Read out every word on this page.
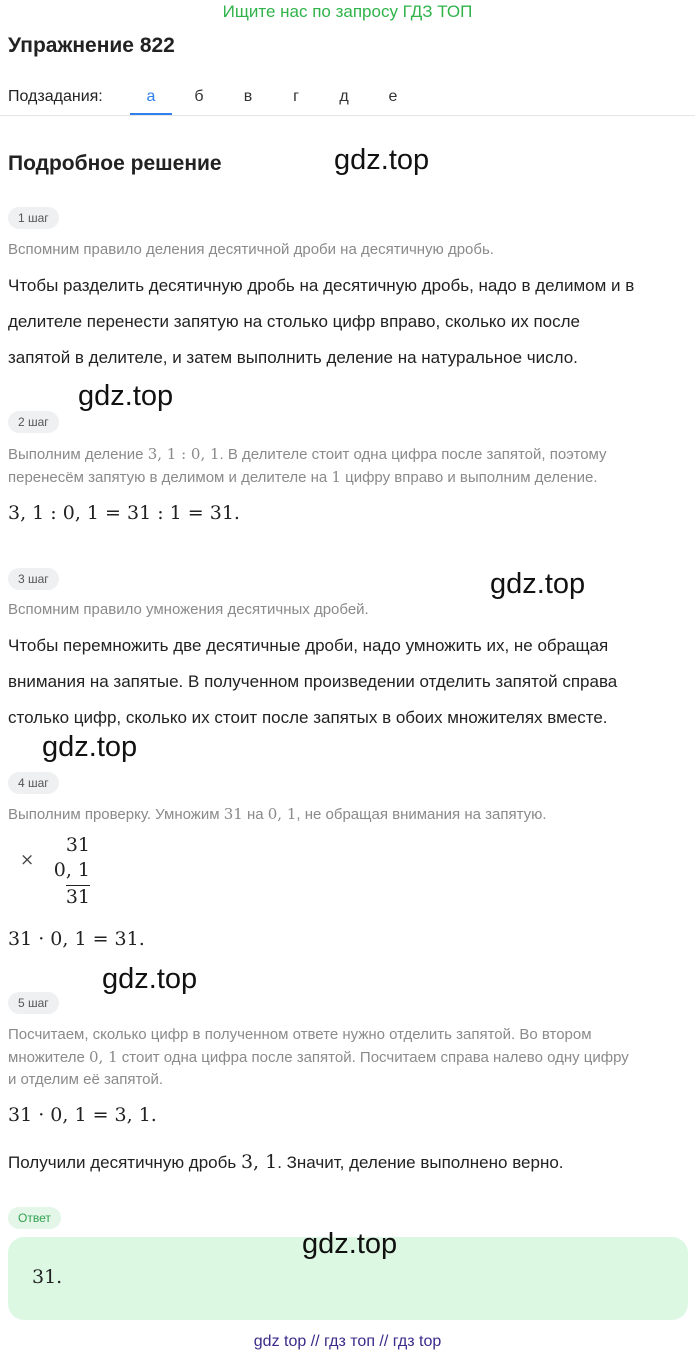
Ищите нас по запросу ГДЗ ТОП
Упражнение 822
Подзадания:	а	б	в	г	д	е
Подробное решение	gdz.top
gdz.top
gdz.top
gdz.top
gdz.top
gdz.top
1 шаг
Вспомним правило деления десятичной дроби на десятичную дробь.
Чтобы разделить десятичную дробь на десятичную дробь, надо в делимом и в
делителе перенести запятую на столько цифр вправо, сколько их после
запятой в делителе, и затем выполнить деление на натуральное число.
2 шаг
Выполним деление 3, 1 : 0, 1. В делителе стоит одна цифра после запятой, поэтому
перенесём запятую в делимом и делителе на 1 цифру вправо и выполним деление.
3, 1 : 0, 1 = 31 : 1 = 31.
3 шаг
Вспомним правило умножения десятичных дробей.
Чтобы перемножить две десятичные дроби, надо умножить их, не обращая
внимания на запятые. В полученном произведении отделить запятой справа
столько цифр, сколько их стоит после запятых в обоих множителях вместе.
4 шаг
Выполним проверку. Умножим 31 на 0, 1, не обращая внимания на запятую.
×
31
0, 1
31
31 · 0, 1 = 31.
5 шаг
Посчитаем, сколько цифр в полученном ответе нужно отделить запятой. Во втором
множителе 0, 1 стоит одна цифра после запятой. Посчитаем справа налево одну цифру
и отделим её запятой.
31 · 0, 1 = 3, 1.
Получили десятичную дробь 3, 1. Значит, деление выполнено верно.
Ответ
31.
gdz top // гдз топ // гдз top
